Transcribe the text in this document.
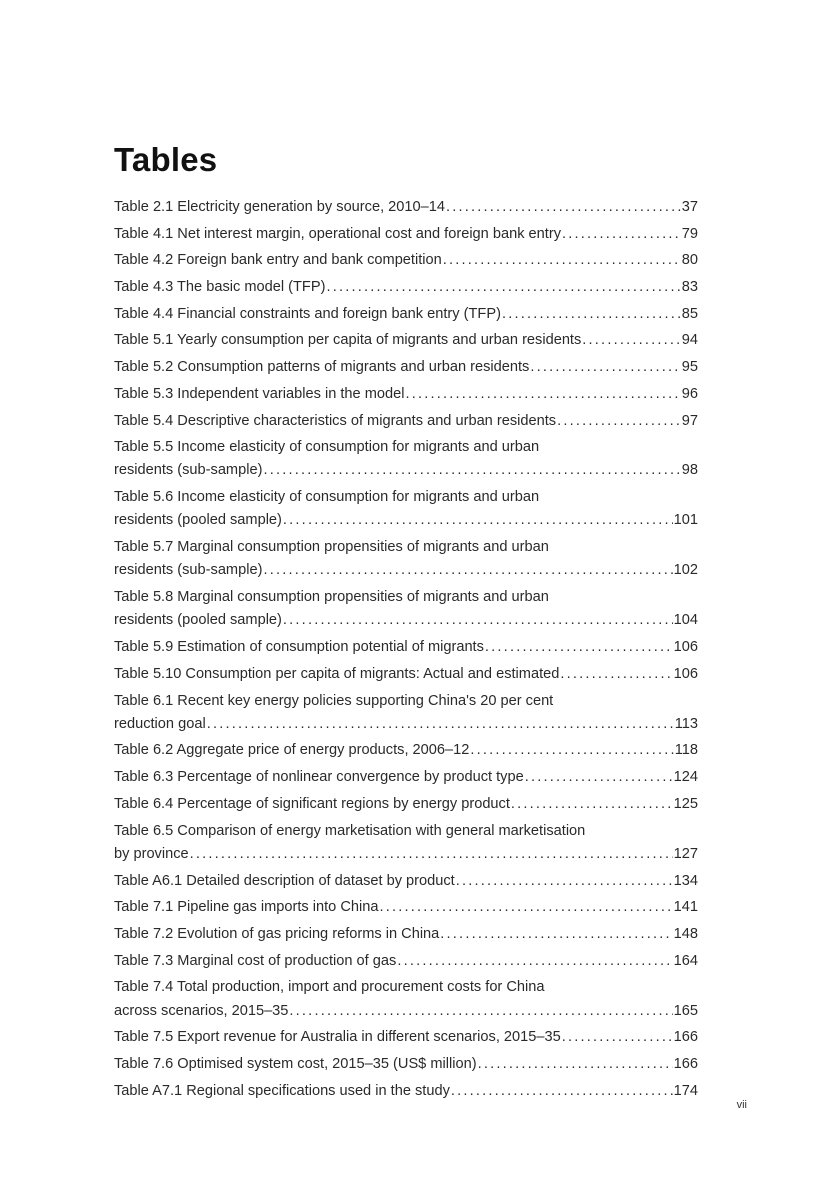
Tables
Table 2.1 Electricity generation by source, 2010–14 .....	37
Table 4.1 Net interest margin, operational cost and foreign bank entry .....	79
Table 4.2 Foreign bank entry and bank competition .....	80
Table 4.3 The basic model (TFP) .....	83
Table 4.4 Financial constraints and foreign bank entry (TFP) .....	85
Table 5.1 Yearly consumption per capita of migrants and urban residents .....	94
Table 5.2 Consumption patterns of migrants and urban residents .....	95
Table 5.3 Independent variables in the model .....	96
Table 5.4 Descriptive characteristics of migrants and urban residents .....	97
Table 5.5 Income elasticity of consumption for migrants and urban
residents (sub-sample) .....	98
Table 5.6 Income elasticity of consumption for migrants and urban
residents (pooled sample) .....	101
Table 5.7 Marginal consumption propensities of migrants and urban
residents (sub-sample) .....	102
Table 5.8 Marginal consumption propensities of migrants and urban
residents (pooled sample) .....	104
Table 5.9 Estimation of consumption potential of migrants .....	106
Table 5.10 Consumption per capita of migrants: Actual and estimated .....	106
Table 6.1 Recent key energy policies supporting China's 20 per cent
reduction goal .....	113
Table 6.2 Aggregate price of energy products, 2006–12 .....	118
Table 6.3 Percentage of nonlinear convergence by product type .....	124
Table 6.4 Percentage of significant regions by energy product .....	125
Table 6.5 Comparison of energy marketisation with general marketisation
by province .....	127
Table A6.1 Detailed description of dataset by product .....	134
Table 7.1 Pipeline gas imports into China .....	141
Table 7.2 Evolution of gas pricing reforms in China .....	148
Table 7.3 Marginal cost of production of gas .....	164
Table 7.4 Total production, import and procurement costs for China
across scenarios, 2015–35 .....	165
Table 7.5 Export revenue for Australia in different scenarios, 2015–35 .....	166
Table 7.6 Optimised system cost, 2015–35 (US$ million) .....	166
Table A7.1 Regional specifications used in the study .....	174
vii
